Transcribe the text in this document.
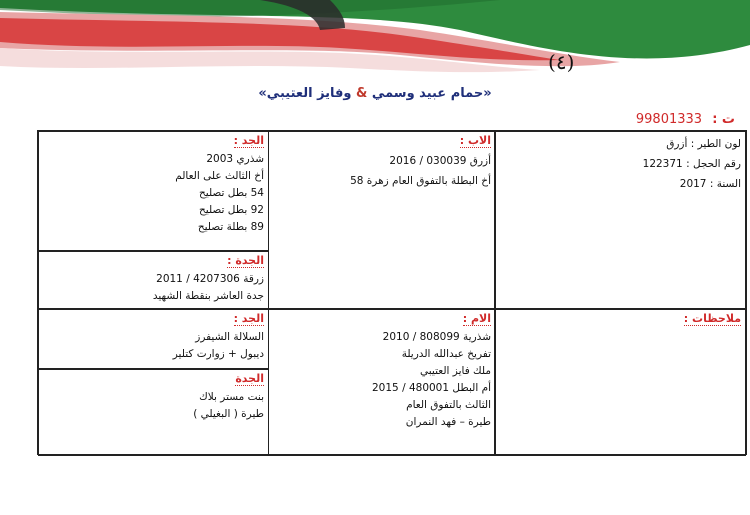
(٤)
«حمام عبيد وسمي & وفايز العتيبي»
ت : 99801333
لون الطير : أزرق
رقم الحجل : 122371
السنة : 2017
ملاحظات :
الاب :
أزرق 030039 / 2016
أخ البطلة بالتفوق العام زهرة 58
الام :
شذرية 808099 / 2010
تفريخ عبدالله الدريلة
ملك فايز العتيبي
أم البطل 480001 / 2015
الثالث بالتفوق العام
طيرة – فهد النمران
الجد :
شذري 2003
أخ الثالث على العالم
54 بطل تصليح
92 بطل تصليح
89 بطلة تصليح
الجدة :
زرقة 4207306 / 2011
جدة العاشر بنقطة الشهيد
الجد :
السلالة الشيفرز
ديبول + زوارت كتلير
الجدة
بنت مستر بلاك
طيرة ( البغيلي )
